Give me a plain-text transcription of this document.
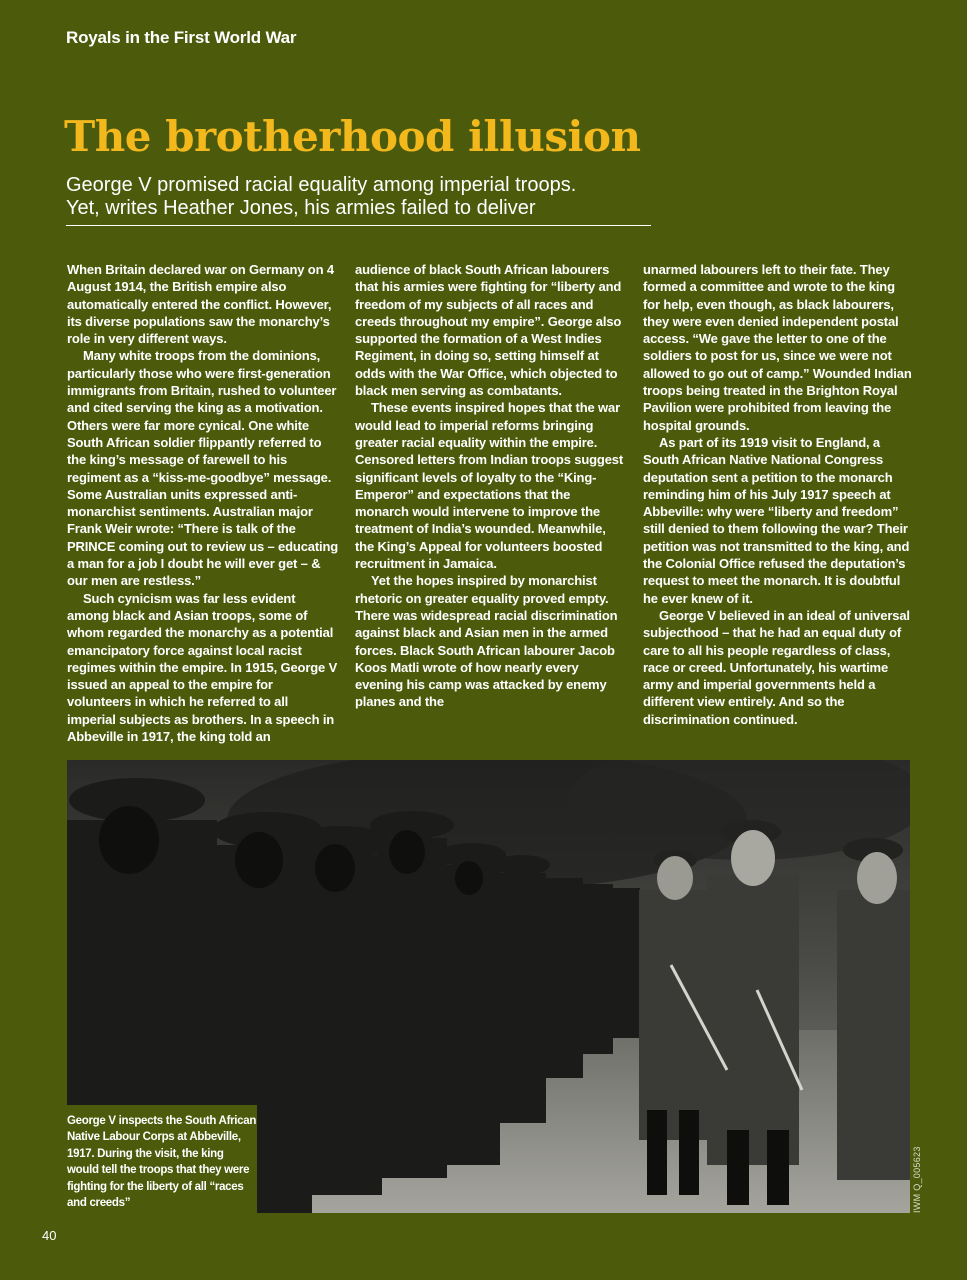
Royals in the First World War
The brotherhood illusion
George V promised racial equality among imperial troops.
Yet, writes Heather Jones, his armies failed to deliver

When Britain declared war on Germany on 4 August 1914, the British empire also automatically entered the conflict. However, its diverse populations saw the monarchy’s role in very different ways.

Many white troops from the dominions, particularly those who were first-generation immigrants from Britain, rushed to volunteer and cited serving the king as a motivation. Others were far more cynical. One white South African soldier flippantly referred to the king’s message of farewell to his regiment as a “kiss-me-goodbye” message. Some Australian units expressed anti-monarchist sentiments. Australian major Frank Weir wrote: “There is talk of the PRINCE coming out to review us – educating a man for a job I doubt he will ever get – & our men are restless.”

Such cynicism was far less evident among black and Asian troops, some of whom regarded the monarchy as a potential emancipatory force against local racist regimes within the empire. In 1915, George V issued an appeal to the empire for volunteers in which he referred to all imperial subjects as brothers. In a speech in Abbeville in 1917, the king told an

audience of black South African labourers that his armies were fighting for “liberty and freedom of my subjects of all races and creeds throughout my empire”. George also supported the formation of a West Indies Regiment, in doing so, setting himself at odds with the War Office, which objected to black men serving as combatants.

These events inspired hopes that the war would lead to imperial reforms bringing greater racial equality within the empire. Censored letters from Indian troops suggest significant levels of loyalty to the “King-Emperor” and expectations that the monarch would intervene to improve the treatment of India’s wounded. Meanwhile, the King’s Appeal for volunteers boosted recruitment in Jamaica.

Yet the hopes inspired by monarchist rhetoric on greater equality proved empty. There was widespread racial discrimination against black and Asian men in the armed forces. Black South African labourer Jacob Koos Matli wrote of how nearly every evening his camp was attacked by enemy planes and the

unarmed labourers left to their fate. They formed a committee and wrote to the king for help, even though, as black labourers, they were even denied independent postal access. “We gave the letter to one of the soldiers to post for us, since we were not allowed to go out of camp.” Wounded Indian troops being treated in the Brighton Royal Pavilion were prohibited from leaving the hospital grounds.

As part of its 1919 visit to England, a South African Native National Congress deputation sent a petition to the monarch reminding him of his July 1917 speech at Abbeville: why were “liberty and freedom” still denied to them following the war? Their petition was not transmitted to the king, and the Colonial Office refused the deputation’s request to meet the monarch. It is doubtful he ever knew of it.

George V believed in an ideal of universal subjecthood – that he had an equal duty of care to all his people regardless of class, race or creed. Unfortunately, his wartime army and imperial governments held a different view entirely. And so the discrimination continued.

George V inspects the South African Native Labour Corps at Abbeville, 1917. During the visit, the king would tell the troops that they were fighting for the liberty of all “races and creeds”	IWM Q_005623
40
